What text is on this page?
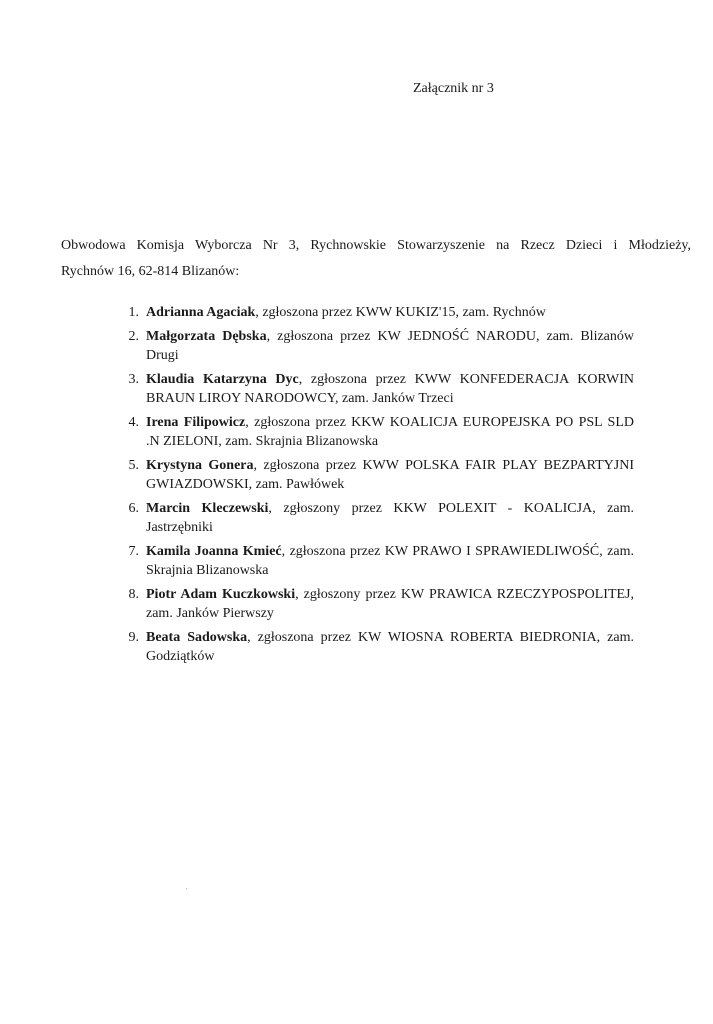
Załącznik nr 3
Obwodowa Komisja Wyborcza Nr 3, Rychnowskie Stowarzyszenie na Rzecz Dzieci i Młodzieży,
Rychnów 16, 62-814 Blizanów:
1. Adrianna Agaciak, zgłoszona przez KWW KUKIZ'15, zam. Rychnów
2. Małgorzata Dębska, zgłoszona przez KW JEDNOŚĆ NARODU, zam. Blizanów Drugi
3. Klaudia Katarzyna Dyc, zgłoszona przez KWW KONFEDERACJA KORWIN BRAUN LIROY NARODOWCY, zam. Janków Trzeci
4. Irena Filipowicz, zgłoszona przez KKW KOALICJA EUROPEJSKA PO PSL SLD .N ZIELONI, zam. Skrajnia Blizanowska
5. Krystyna Gonera, zgłoszona przez KWW POLSKA FAIR PLAY BEZPARTYJNI GWIAZDOWSKI, zam. Pawłówek
6. Marcin Kleczewski, zgłoszony przez KKW POLEXIT - KOALICJA, zam. Jastrzębniki
7. Kamila Joanna Kmieć, zgłoszona przez KW PRAWO I SPRAWIEDLIWOŚĆ, zam. Skrajnia Blizanowska
8. Piotr Adam Kuczkowski, zgłoszony przez KW PRAWICA RZECZYPOSPOLITEJ, zam. Janków Pierwszy
9. Beata Sadowska, zgłoszona przez KW WIOSNA ROBERTA BIEDRONIA, zam. Godziątków
